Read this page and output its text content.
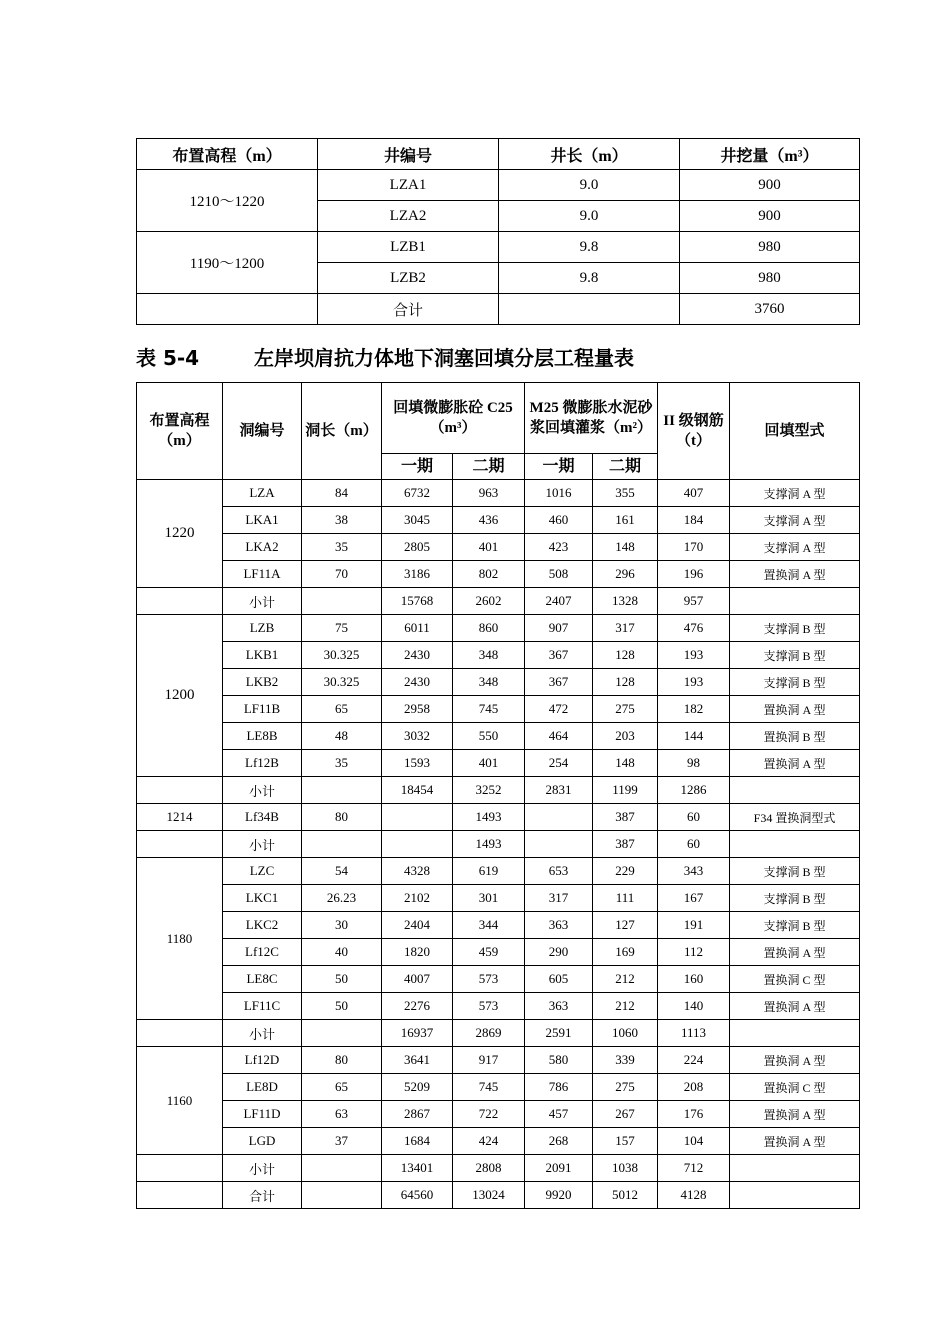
布置高程（m）	井编号	井长（m）	井挖量（m³）
1210～1220	LZA1	9.0	900
	LZA2	9.0	900
1190～1200	LZB1	9.8	980
	LZB2	9.8	980
	合计		3760
表 5-4	左岸坝肩抗力体地下洞塞回填分层工程量表
布置高程（m）	洞编号	洞长（m）	回填微膨胀砼 C25 （m³）		M25 微膨胀水泥砂浆回填灌浆（m²）		II 级钢筋（t）	回填型式
			一期	二期	一期	二期		
1220	LZA	84	6732	963	1016	355	407	支撑洞 A 型
	LKA1	38	3045	436	460	161	184	支撑洞 A 型
	LKA2	35	2805	401	423	148	170	支撑洞 A 型
	LF11A	70	3186	802	508	296	196	置换洞 A 型
	小计		15768	2602	2407	1328	957	
1200	LZB	75	6011	860	907	317	476	支撑洞 B 型
	LKB1	30.325	2430	348	367	128	193	支撑洞 B 型
	LKB2	30.325	2430	348	367	128	193	支撑洞 B 型
	LF11B	65	2958	745	472	275	182	置换洞 A 型
	LE8B	48	3032	550	464	203	144	置换洞 B 型
	Lf12B	35	1593	401	254	148	98	置换洞 A 型
	小计		18454	3252	2831	1199	1286	
1214	Lf34B	80		1493		387	60	F34 置换洞型式
	小计			1493		387	60	
1180	LZC	54	4328	619	653	229	343	支撑洞 B 型
	LKC1	26.23	2102	301	317	111	167	支撑洞 B 型
	LKC2	30	2404	344	363	127	191	支撑洞 B 型
	Lf12C	40	1820	459	290	169	112	置换洞 A 型
	LE8C	50	4007	573	605	212	160	置换洞 C 型
	LF11C	50	2276	573	363	212	140	置换洞 A 型
	小计		16937	2869	2591	1060	1113	
1160	Lf12D	80	3641	917	580	339	224	置换洞 A 型
	LE8D	65	5209	745	786	275	208	置换洞 C 型
	LF11D	63	2867	722	457	267	176	置换洞 A 型
	LGD	37	1684	424	268	157	104	置换洞 A 型
	小计		13401	2808	2091	1038	712	
	合计		64560	13024	9920	5012	4128	
